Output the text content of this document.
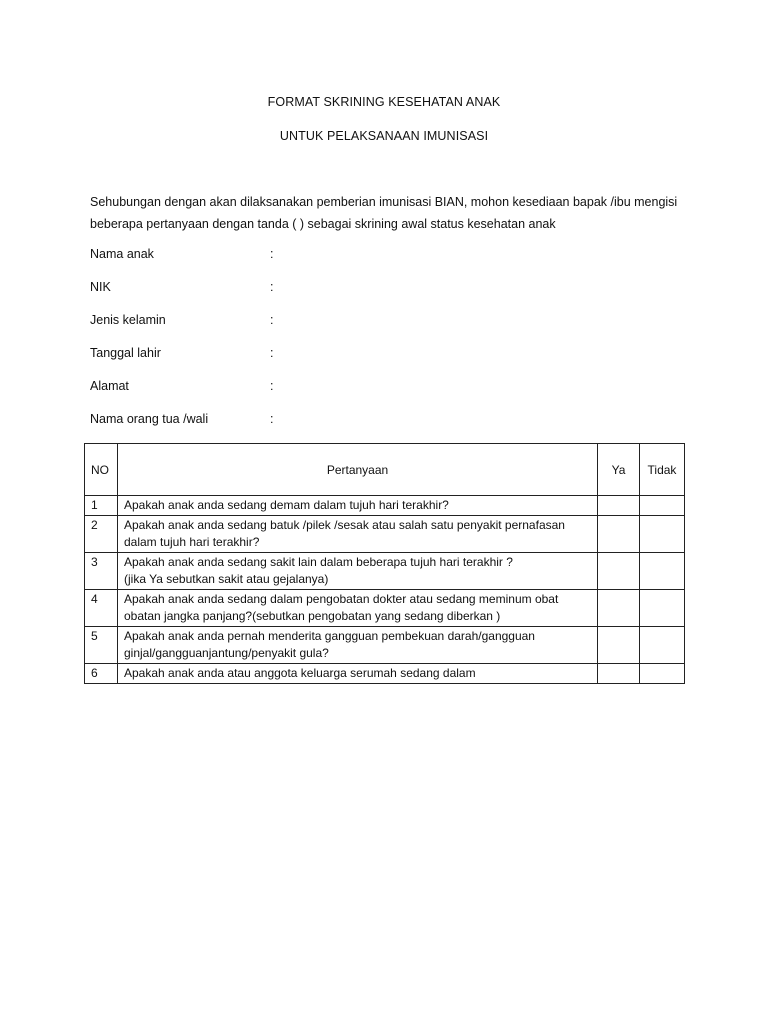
FORMAT SKRINING KESEHATAN ANAK
UNTUK PELAKSANAAN IMUNISASI

Sehubungan dengan akan dilaksanakan pemberian imunisasi BIAN, mohon kesediaan bapak /ibu mengisi

beberapa pertanyaan dengan tanda ( ) sebagai skrining awal status kesehatan anak

Nama anak	:
NIK	:
Jenis kelamin	:
Tanggal lahir	:
Alamat	:
Nama orang tua /wali	:
NO	Pertanyaan	Ya	Tidak
1	Apakah anak anda sedang demam dalam tujuh hari terakhir?	

2	Apakah anak anda sedang batuk /pilek /sesak atau salah satu penyakit pernafasan
dalam tujuh hari terakhir?		

3	Apakah anak anda sedang sakit lain dalam beberapa tujuh hari terakhir ?
(jika Ya sebutkan sakit atau gejalanya)		

4	Apakah anak anda sedang dalam pengobatan dokter atau sedang meminum obat
obatan jangka panjang?(sebutkan pengobatan yang sedang diberkan )		

5	Apakah anak anda pernah menderita gangguan pembekuan darah/gangguan
ginjal/gangguanjantung/penyakit gula?		

6	Apakah anak anda atau anggota keluarga serumah sedang dalam	
